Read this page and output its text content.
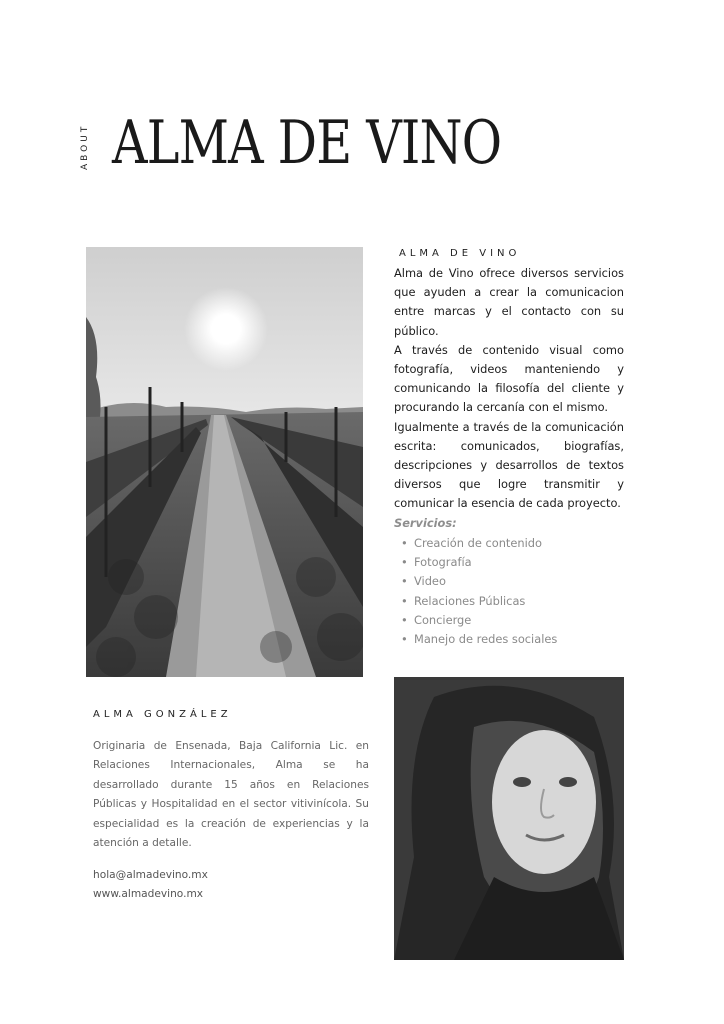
ABOUT ALMA DE VINO
ALMA DE VINO

Alma de Vino ofrece diversos servicios que ayuden a crear la comunicacion entre marcas y el contacto con su público.

A través de contenido visual como fotografía, videos manteniendo y comunicando la filosofía del cliente y procurando la cercanía con el mismo.

Igualmente a través de la comunicación escrita: comunicados, biografías, descripciones y desarrollos de textos diversos que logre transmitir y comunicar la esencia de cada proyecto.

Servicios:
• Creación de contenido
• Fotografía
• Video
• Relaciones Públicas
• Concierge
• Manejo de redes sociales
ALMA GONZÁLEZ
Originaria de Ensenada, Baja California Lic. en Relaciones Internacionales, Alma se ha desarrollado durante 15 años en Relaciones Públicas y Hospitalidad en el sector vitivinícola. Su especialidad es la creación de experiencias y la atención a detalle.
hola@almadevino.mx
www.almadevino.mx
